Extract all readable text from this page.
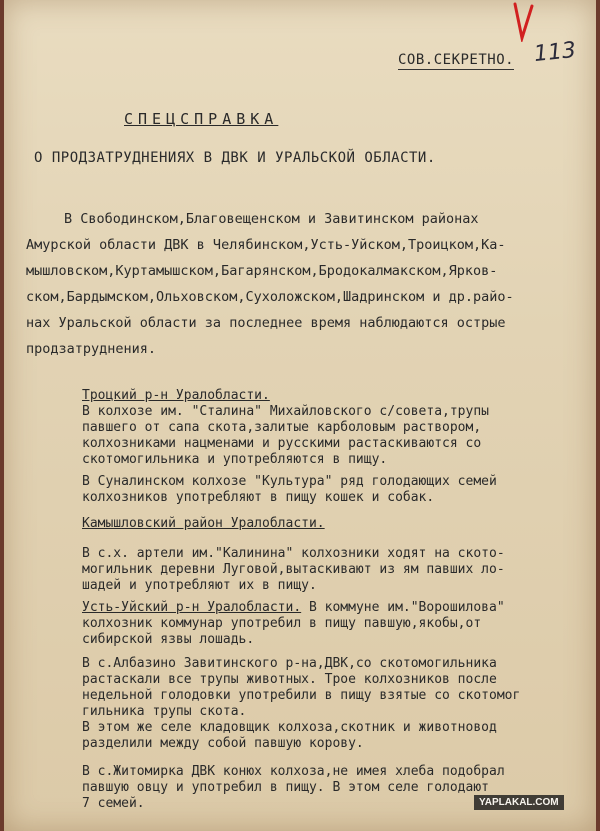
СОВ.СЕКРЕТНО. 113
СПЕЦСПРАВКА
О ПРОДЗАТРУДНЕНИЯХ В ДВК И УРАЛЬСКОЙ ОБЛАСТИ.

В Свободинском,Благовещенском и Завитинском районах
Амурской области ДВК в Челябинском,Усть-Уйском,Троицком,Ка-
мышловском,Куртамышском,Багарянском,Бродокалмакском,Ярков-
ском,Бардымском,Ольховском,Сухоложском,Шадринском и др.райо-
нах Уральской области за последнее время наблюдаются острые
продзатруднения.

Троцкий р-н Уралобласти.
В колхозе им. "Сталина" Михайловского с/совета,трупы
павшего от сапа скота,залитые карболовым раствором,
колхозниками нацменами и русскими растаскиваются со
скотомогильника и употребляются в пищу.
В Суналинском колхозе "Культура" ряд голодающих семей
колхозников употребляют в пищу кошек и собак.
Камышловский район Уралобласти.
В с.х. артели им."Калинина" колхозники ходят на ското-
могильник деревни Луговой,вытаскивают из ям павших ло-
шадей и употребляют их в пищу.
Усть-Уйский р-н Уралобласти. В коммуне им."Ворошилова"
колхозник коммунар употребил в пищу павшую,якобы,от
сибирской язвы лошадь.
В с.Албазино Завитинского р-на,ДВК,со скотомогильника
растаскали все трупы животных. Трое колхозников после
недельной голодовки употребили в пищу взятые со скотомог
гильника трупы скота.
В этом же селе кладовщик колхоза,скотник и животновод
разделили между собой павшую корову.
В с.Житомирка ДВК конюх колхоза,не имея хлеба подобрал
павшую овцу и употребил в пищу. В этом селе голодают
7 семей.	YAPLAKAL.COM
